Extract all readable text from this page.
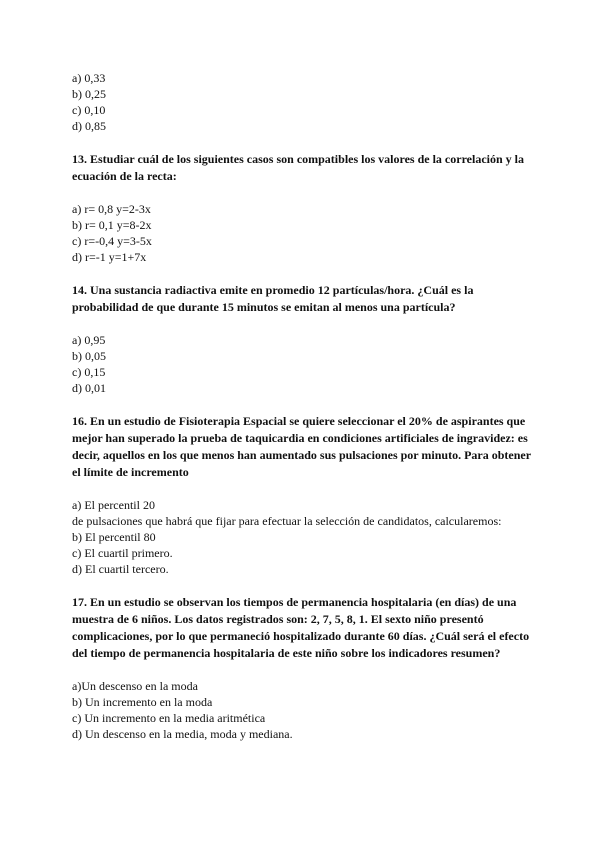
a) 0,33

b) 0,25

c) 0,10

d) 0,85

13. Estudiar cuál de los siguientes casos son compatibles los valores de la correlación y la ecuación de la recta:

a) r= 0,8 y=2-3x

b) r= 0,1 y=8-2x

c) r=-0,4 y=3-5x

d) r=-1 y=1+7x

14. Una sustancia radiactiva emite en promedio 12 partículas/hora. ¿Cuál es la probabilidad de que durante 15 minutos se emitan al menos una partícula?

a) 0,95

b) 0,05

c) 0,15

d) 0,01

16. En un estudio de Fisioterapia Espacial se quiere seleccionar el 20% de aspirantes que mejor han superado la prueba de taquicardia en condiciones artificiales de ingravidez: es decir, aquellos en los que menos han aumentado sus pulsaciones por minuto. Para obtener el límite de incremento

a) El percentil 20

de pulsaciones que habrá que fijar para efectuar la selección de candidatos, calcularemos:

b) El percentil 80

c) El cuartil primero.

d) El cuartil tercero.

17. En un estudio se observan los tiempos de permanencia hospitalaria (en días) de una muestra de 6 niños. Los datos registrados son: 2, 7, 5, 8, 1. El sexto niño presentó complicaciones, por lo que permaneció hospitalizado durante 60 días. ¿Cuál será el efecto del tiempo de permanencia hospitalaria de este niño sobre los indicadores resumen?

a)Un descenso en la moda

b) Un incremento en la moda

c) Un incremento en la media aritmética

d) Un descenso en la media, moda y mediana.
